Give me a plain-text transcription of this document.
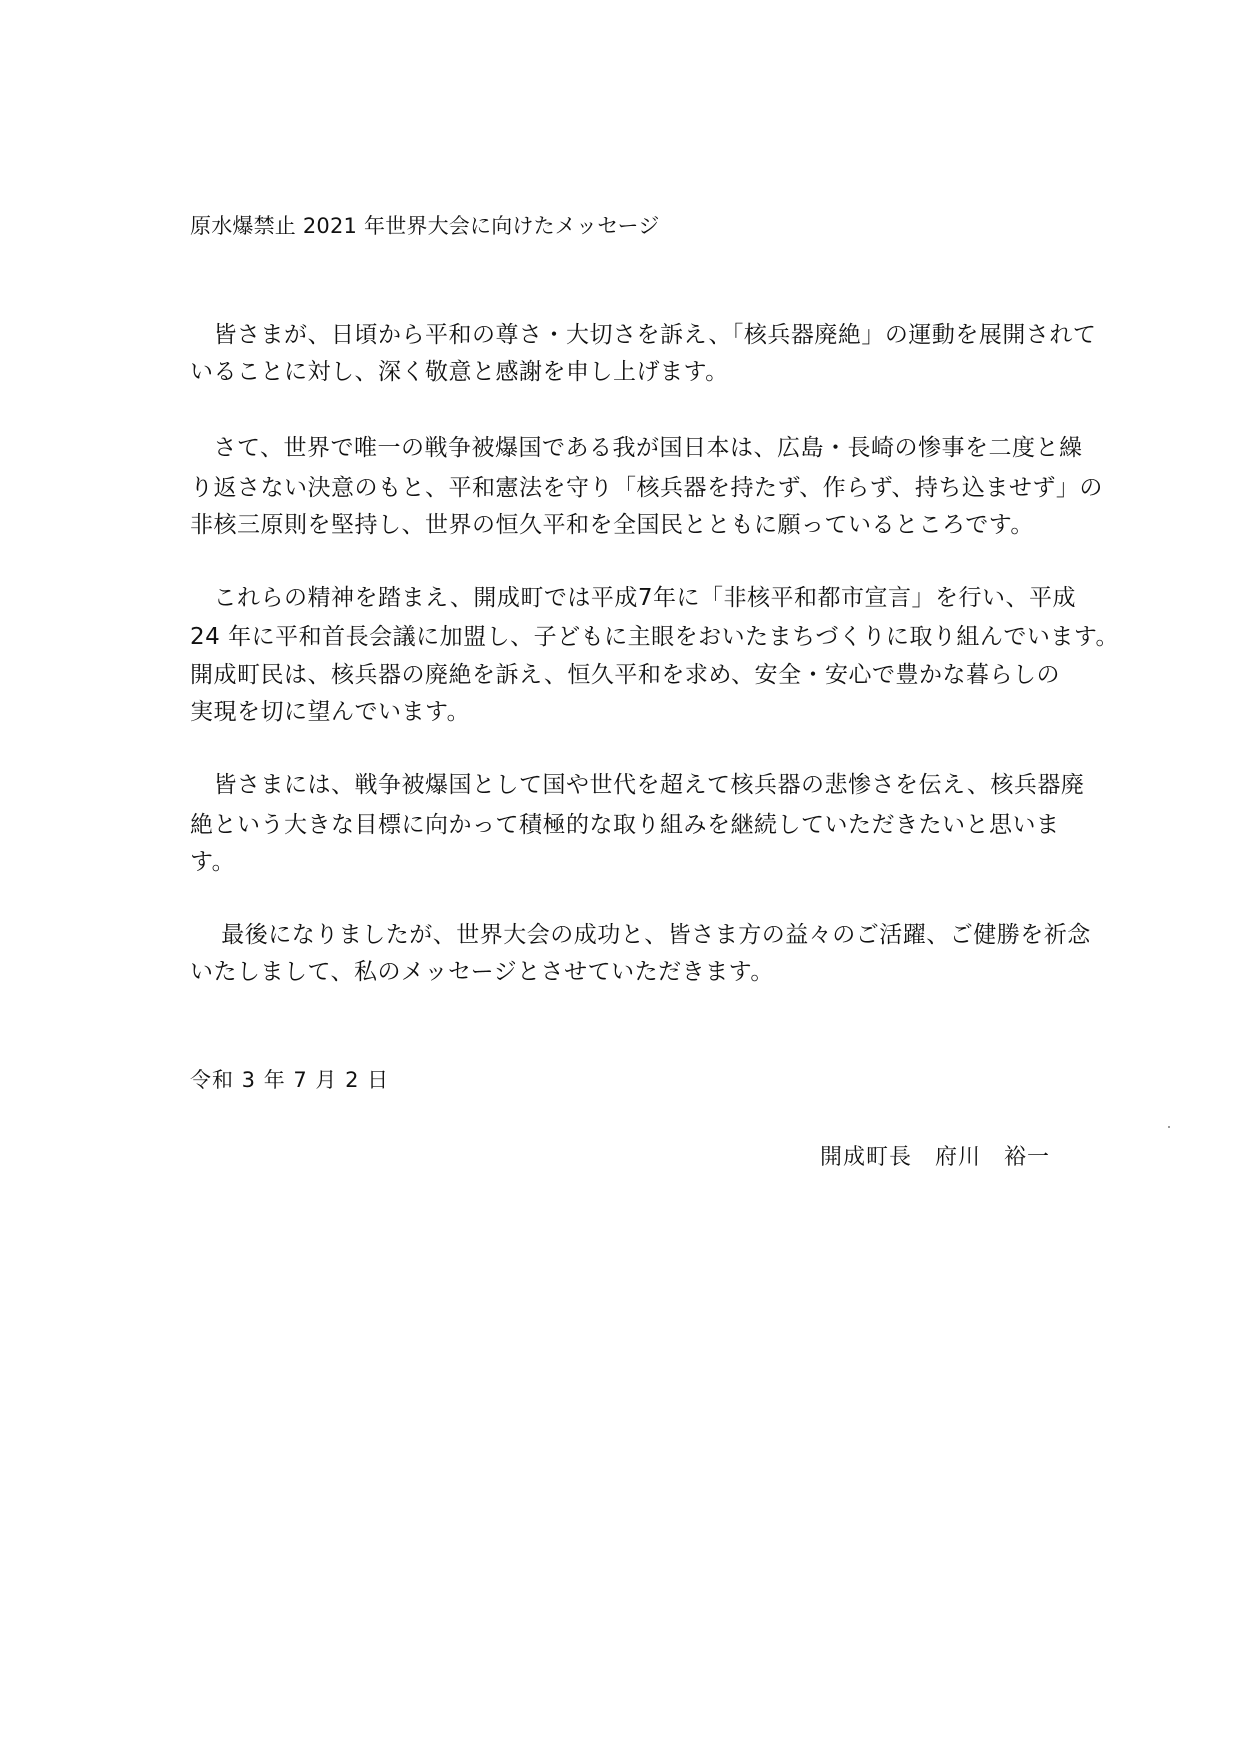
原水爆禁止 2021 年世界大会に向けたメッセージ
　皆さまが、日頃から平和の尊さ・大切さを訴え、「核兵器廃絶」の運動を展開されて
いることに対し、深く敬意と感謝を申し上げます。
　さて、世界で唯一の戦争被爆国である我が国日本は、広島・長崎の惨事を二度と繰
り返さない決意のもと、平和憲法を守り「核兵器を持たず、作らず、持ち込ませず」の
非核三原則を堅持し、世界の恒久平和を全国民とともに願っているところです。
　これらの精神を踏まえ、開成町では平成7年に「非核平和都市宣言」を行い、平成
24 年に平和首長会議に加盟し、子どもに主眼をおいたまちづくりに取り組んでいます。
開成町民は、核兵器の廃絶を訴え、恒久平和を求め、安全・安心で豊かな暮らしの
実現を切に望んでいます。
　皆さまには、戦争被爆国として国や世代を超えて核兵器の悲惨さを伝え、核兵器廃
絶という大きな目標に向かって積極的な取り組みを継続していただきたいと思いま
す。
　 最後になりましたが、世界大会の成功と、皆さま方の益々のご活躍、ご健勝を祈念
いたしまして、私のメッセージとさせていただきます。
令和 3 年 7 月 2 日
開成町長　府川　裕一
